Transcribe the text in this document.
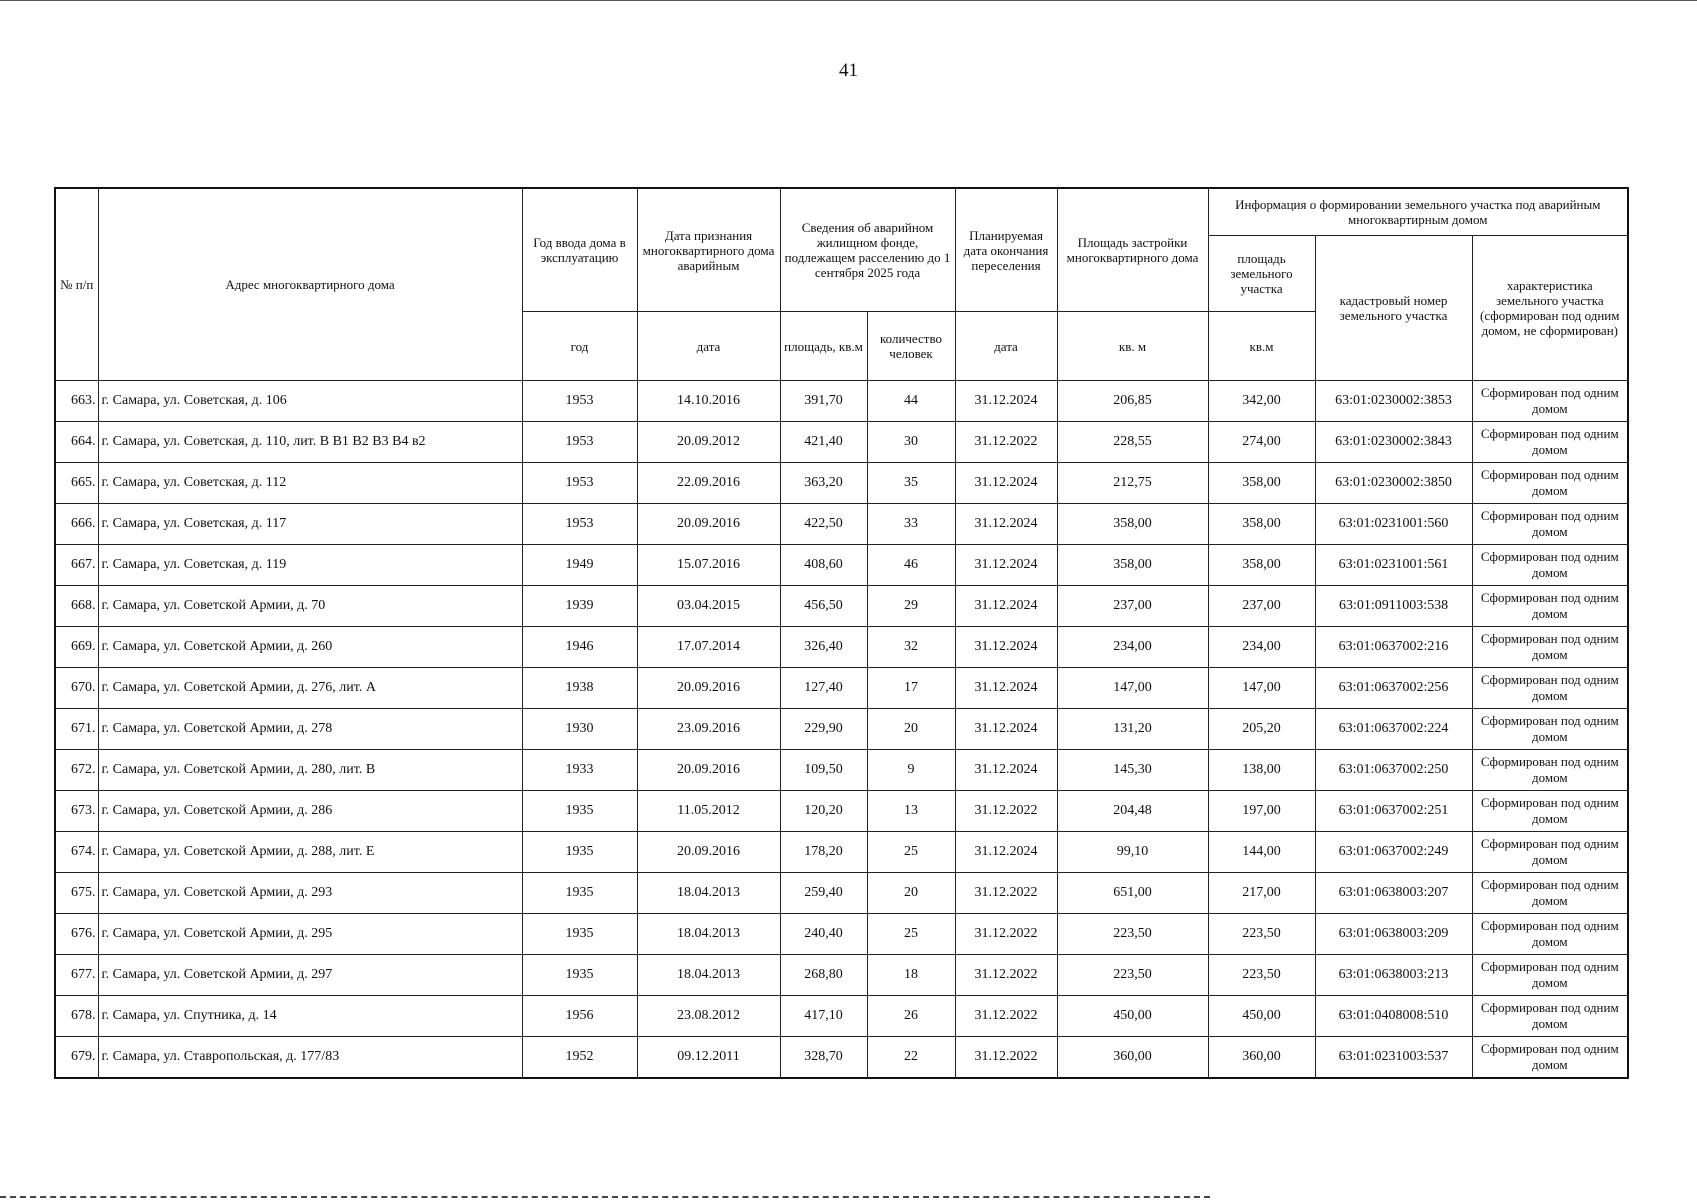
41
№ п/п	Адрес многоквартирного дома	Год ввода дома в эксплуатацию	Дата признания многоквартирного дома аварийным	Сведения об аварийном жилищном фонде, подлежащем расселению до 1 сентября 2025 года		Планируемая дата окончания переселения	Площадь застройки многоквартирного дома	Информация о формировании земельного участка под аварийным многоквартирным домом		
								площадь земельного участка	кадастровый номер земельного участка	характеристика земельного участка (сформирован под одним домом, не сформирован)
		год	дата	площадь, кв.м	количество человек	дата	кв. м	кв.м		
663.	г. Самара, ул. Советская, д. 106	1953	14.10.2016	391,70	44	31.12.2024	206,85	342,00	63:01:0230002:3853	Сформирован под одним домом
664.	г. Самара, ул. Советская, д. 110, лит. В В1 В2 В3 В4 в2	1953	20.09.2012	421,40	30	31.12.2022	228,55	274,00	63:01:0230002:3843	Сформирован под одним домом
665.	г. Самара, ул. Советская, д. 112	1953	22.09.2016	363,20	35	31.12.2024	212,75	358,00	63:01:0230002:3850	Сформирован под одним домом
666.	г. Самара, ул. Советская, д. 117	1953	20.09.2016	422,50	33	31.12.2024	358,00	358,00	63:01:0231001:560	Сформирован под одним домом
667.	г. Самара, ул. Советская, д. 119	1949	15.07.2016	408,60	46	31.12.2024	358,00	358,00	63:01:0231001:561	Сформирован под одним домом
668.	г. Самара, ул. Советской Армии, д. 70	1939	03.04.2015	456,50	29	31.12.2024	237,00	237,00	63:01:0911003:538	Сформирован под одним домом
669.	г. Самара, ул. Советской Армии, д. 260	1946	17.07.2014	326,40	32	31.12.2024	234,00	234,00	63:01:0637002:216	Сформирован под одним домом
670.	г. Самара, ул. Советской Армии, д. 276, лит. А	1938	20.09.2016	127,40	17	31.12.2024	147,00	147,00	63:01:0637002:256	Сформирован под одним домом
671.	г. Самара, ул. Советской Армии, д. 278	1930	23.09.2016	229,90	20	31.12.2024	131,20	205,20	63:01:0637002:224	Сформирован под одним домом
672.	г. Самара, ул. Советской Армии, д. 280, лит. В	1933	20.09.2016	109,50	9	31.12.2024	145,30	138,00	63:01:0637002:250	Сформирован под одним домом
673.	г. Самара, ул. Советской Армии, д. 286	1935	11.05.2012	120,20	13	31.12.2022	204,48	197,00	63:01:0637002:251	Сформирован под одним домом
674.	г. Самара, ул. Советской Армии, д. 288, лит. Е	1935	20.09.2016	178,20	25	31.12.2024	99,10	144,00	63:01:0637002:249	Сформирован под одним домом
675.	г. Самара, ул. Советской Армии, д. 293	1935	18.04.2013	259,40	20	31.12.2022	651,00	217,00	63:01:0638003:207	Сформирован под одним домом
676.	г. Самара, ул. Советской Армии, д. 295	1935	18.04.2013	240,40	25	31.12.2022	223,50	223,50	63:01:0638003:209	Сформирован под одним домом
677.	г. Самара, ул. Советской Армии, д. 297	1935	18.04.2013	268,80	18	31.12.2022	223,50	223,50	63:01:0638003:213	Сформирован под одним домом
678.	г. Самара, ул. Спутника, д. 14	1956	23.08.2012	417,10	26	31.12.2022	450,00	450,00	63:01:0408008:510	Сформирован под одним домом
679.	г. Самара, ул. Ставропольская, д. 177/83	1952	09.12.2011	328,70	22	31.12.2022	360,00	360,00	63:01:0231003:537	Сформирован под одним домом
